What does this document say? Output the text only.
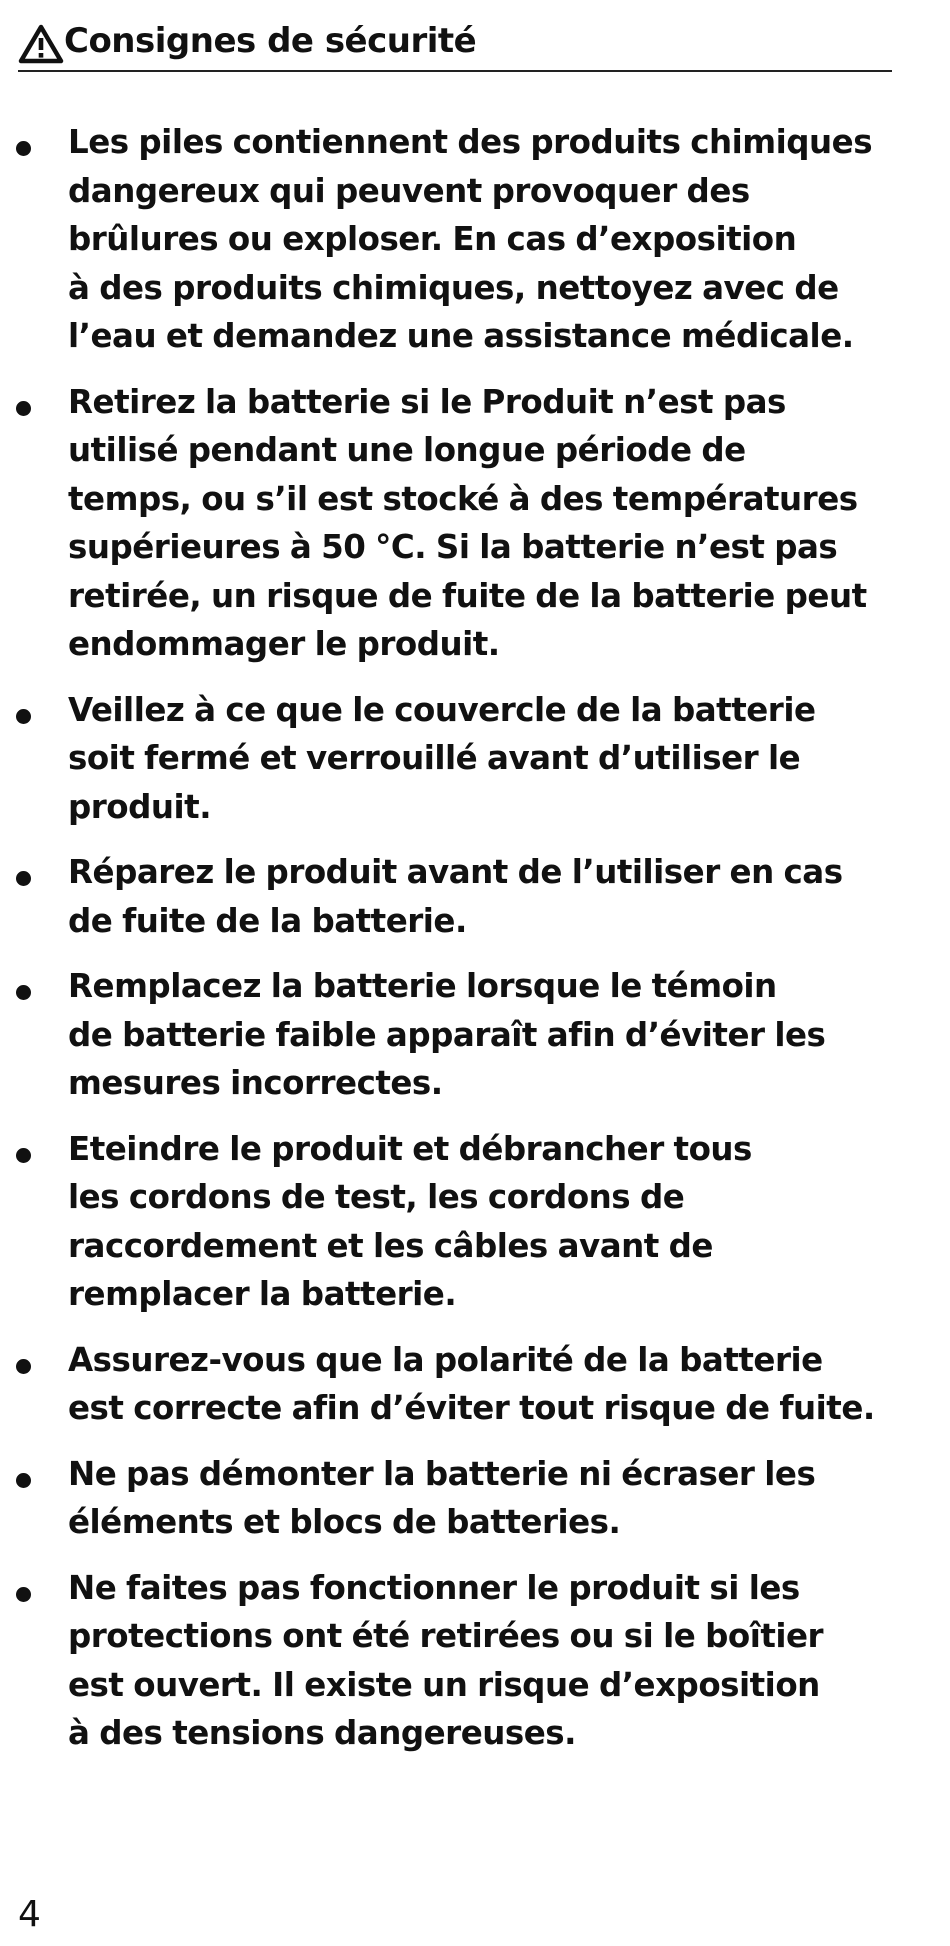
Consignes de sécurité
Les piles contiennent des produits chimiques
dangereux qui peuvent provoquer des
brûlures ou exploser. En cas d’exposition
à des produits chimiques, nettoyez avec de
l’eau et demandez une assistance médicale.
Retirez la batterie si le Produit n’est pas
utilisé pendant une longue période de
temps, ou s’il est stocké à des températures
supérieures à 50 °C. Si la batterie n’est pas
retirée, un risque de fuite de la batterie peut
endommager le produit.
Veillez à ce que le couvercle de la batterie
soit fermé et verrouillé avant d’utiliser le
produit.
Réparez le produit avant de l’utiliser en cas
de fuite de la batterie.
Remplacez la batterie lorsque le témoin
de batterie faible apparaît afin d’éviter les
mesures incorrectes.
Eteindre le produit et débrancher tous
les cordons de test, les cordons de
raccordement et les câbles avant de
remplacer la batterie.
Assurez-vous que la polarité de la batterie
est correcte afin d’éviter tout risque de fuite.
Ne pas démonter la batterie ni écraser les
éléments et blocs de batteries.
Ne faites pas fonctionner le produit si les
protections ont été retirées ou si le boîtier
est ouvert. Il existe un risque d’exposition
à des tensions dangereuses.
4
